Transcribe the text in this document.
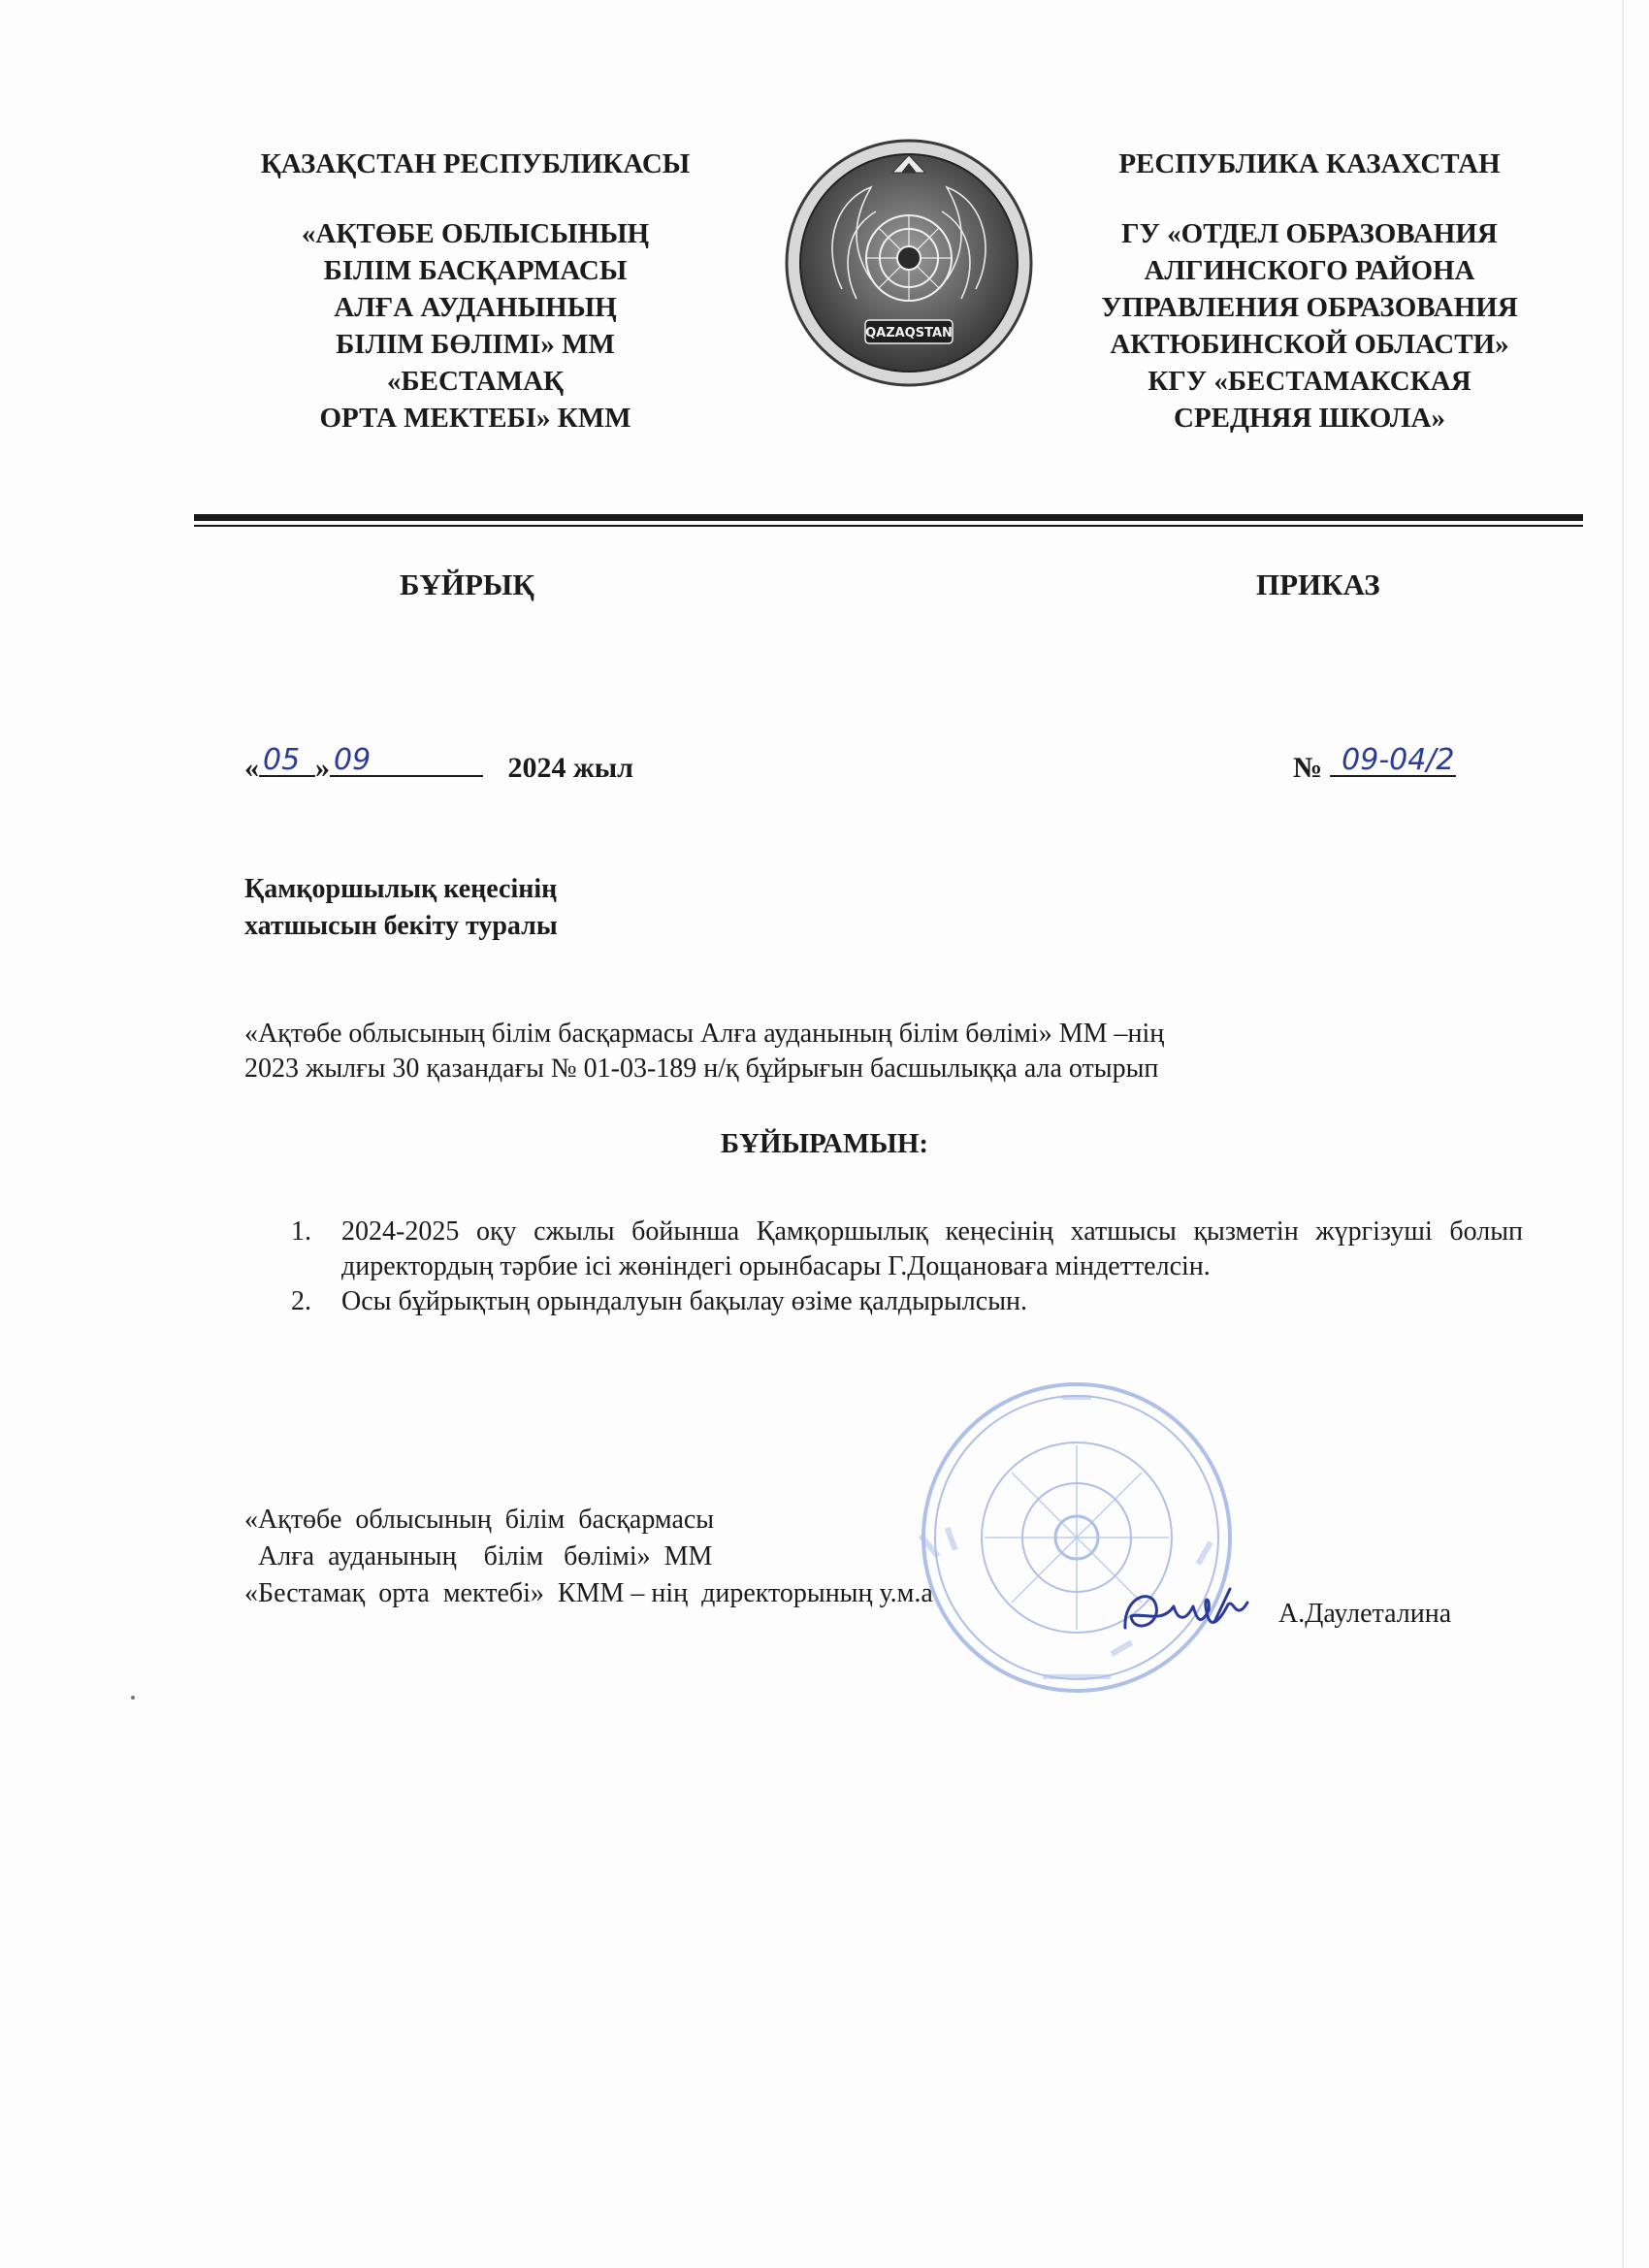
ҚАЗАҚСТАН РЕСПУБЛИКАСЫ
«АҚТӨБЕ ОБЛЫСЫНЫҢ
БІЛІМ БАСҚАРМАСЫ
АЛҒА АУДАНЫНЫҢ
БІЛІМ БӨЛІМІ» ММ
«БЕСТАМАҚ
ОРТА МЕКТЕБІ» КММ
QAZAQSTAN
РЕСПУБЛИКА КАЗАХСТАН
ГУ «ОТДЕЛ ОБРАЗОВАНИЯ
АЛГИНСКОГО РАЙОНА
УПРАВЛЕНИЯ ОБРАЗОВАНИЯ
АКТЮБИНСКОЙ ОБЛАСТИ»
КГУ «БЕСТАМАКСКАЯ
СРЕДНЯЯ ШКОЛА»
БҰЙРЫҚ	ПРИКАЗ
« 05 » 09	2024 жыл	№ 09-04/2
Қамқоршылық кеңесінің
хатшысын бекіту туралы
«Ақтөбе облысының білім басқармасы Алға ауданының білім бөлімі» ММ –нің
2023 жылғы 30 қазандағы № 01-03-189 н/қ бұйрығын басшылыққа ала отырып
БҰЙЫРАМЫН:
1. 2024-2025 оқу сжылы бойынша Қамқоршылық кеңесінің хатшысы қызметін жүргізуші болып директордың тәрбие ісі жөніндегі орынбасары Г.Дощановаға міндеттелсін.
2. Осы бұйрықтың орындалуын бақылау өзіме қалдырылсын.
«Ақтөбе  облысының  білім  басқармасы
Алға  ауданының    білім   бөлімі»  ММ
«Бестамақ  орта  мектебі»  КММ – нің  директорының у.м.а
А.Даулеталина
